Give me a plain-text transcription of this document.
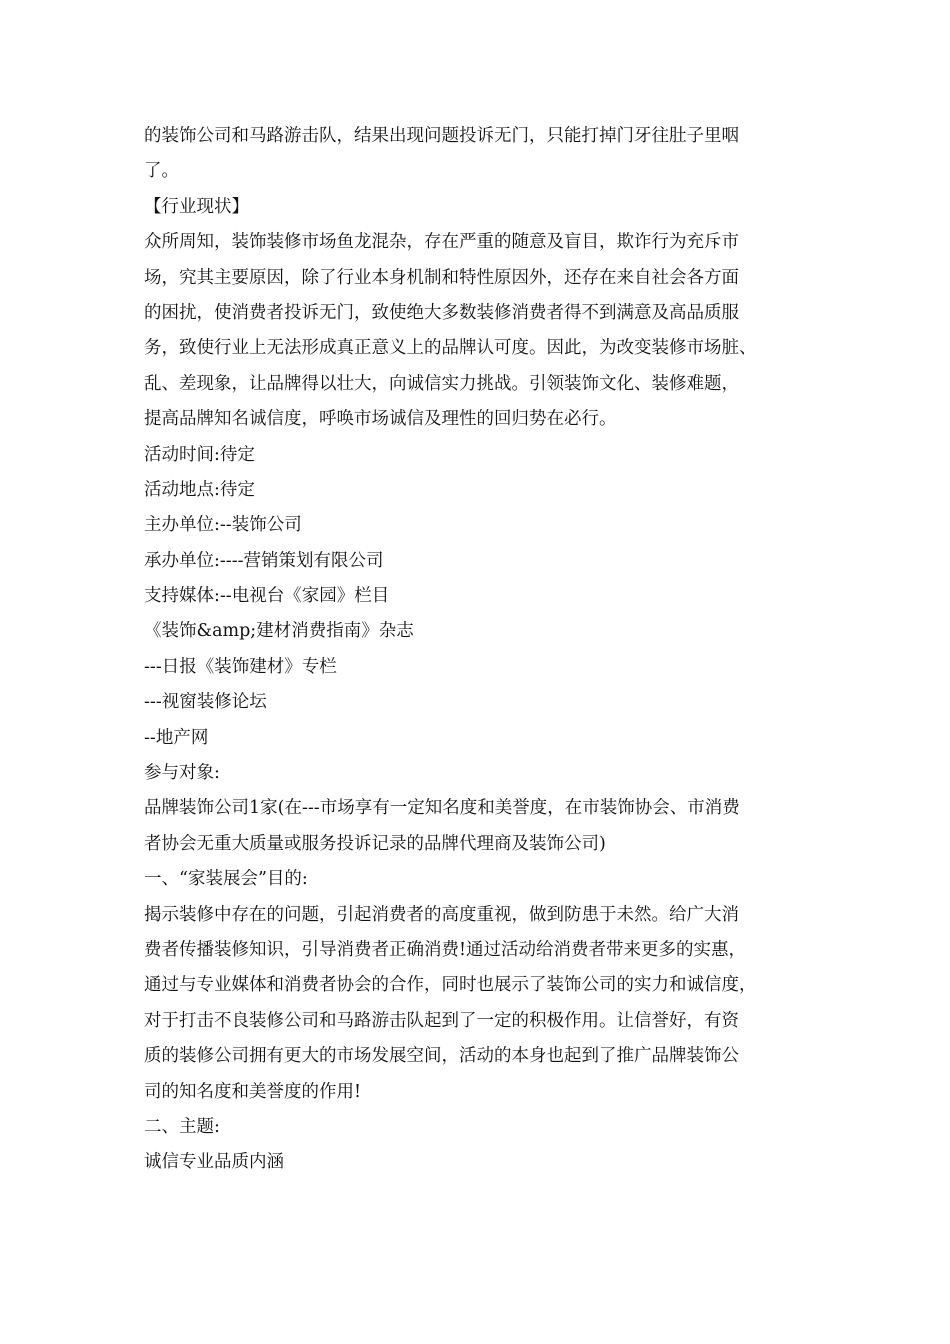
的装饰公司和马路游击队，结果出现问题投诉无门，只能打掉门牙往肚子里咽
了。
【行业现状】
众所周知，装饰装修市场鱼龙混杂，存在严重的随意及盲目，欺诈行为充斥市
场，究其主要原因，除了行业本身机制和特性原因外，还存在来自社会各方面
的困扰，使消费者投诉无门，致使绝大多数装修消费者得不到满意及高品质服
务，致使行业上无法形成真正意义上的品牌认可度。因此，为改变装修市场脏、
乱、差现象，让品牌得以壮大，向诚信实力挑战。引领装饰文化、装修难题，
提高品牌知名诚信度，呼唤市场诚信及理性的回归势在必行。
活动时间:待定
活动地点:待定
主办单位:--装饰公司
承办单位:----营销策划有限公司
支持媒体:--电视台《家园》栏目
《装饰&amp;建材消费指南》杂志
---日报《装饰建材》专栏
---视窗装修论坛
--地产网
参与对象:
品牌装饰公司1家(在---市场享有一定知名度和美誉度，在市装饰协会、市消费
者协会无重大质量或服务投诉记录的品牌代理商及装饰公司)
一、“家装展会”目的:
揭示装修中存在的问题，引起消费者的高度重视，做到防患于未然。给广大消
费者传播装修知识，引导消费者正确消费!通过活动给消费者带来更多的实惠，
通过与专业媒体和消费者协会的合作，同时也展示了装饰公司的实力和诚信度，
对于打击不良装修公司和马路游击队起到了一定的积极作用。让信誉好，有资
质的装修公司拥有更大的市场发展空间，活动的本身也起到了推广品牌装饰公
司的知名度和美誉度的作用!
二、主题:
诚信专业品质内涵
